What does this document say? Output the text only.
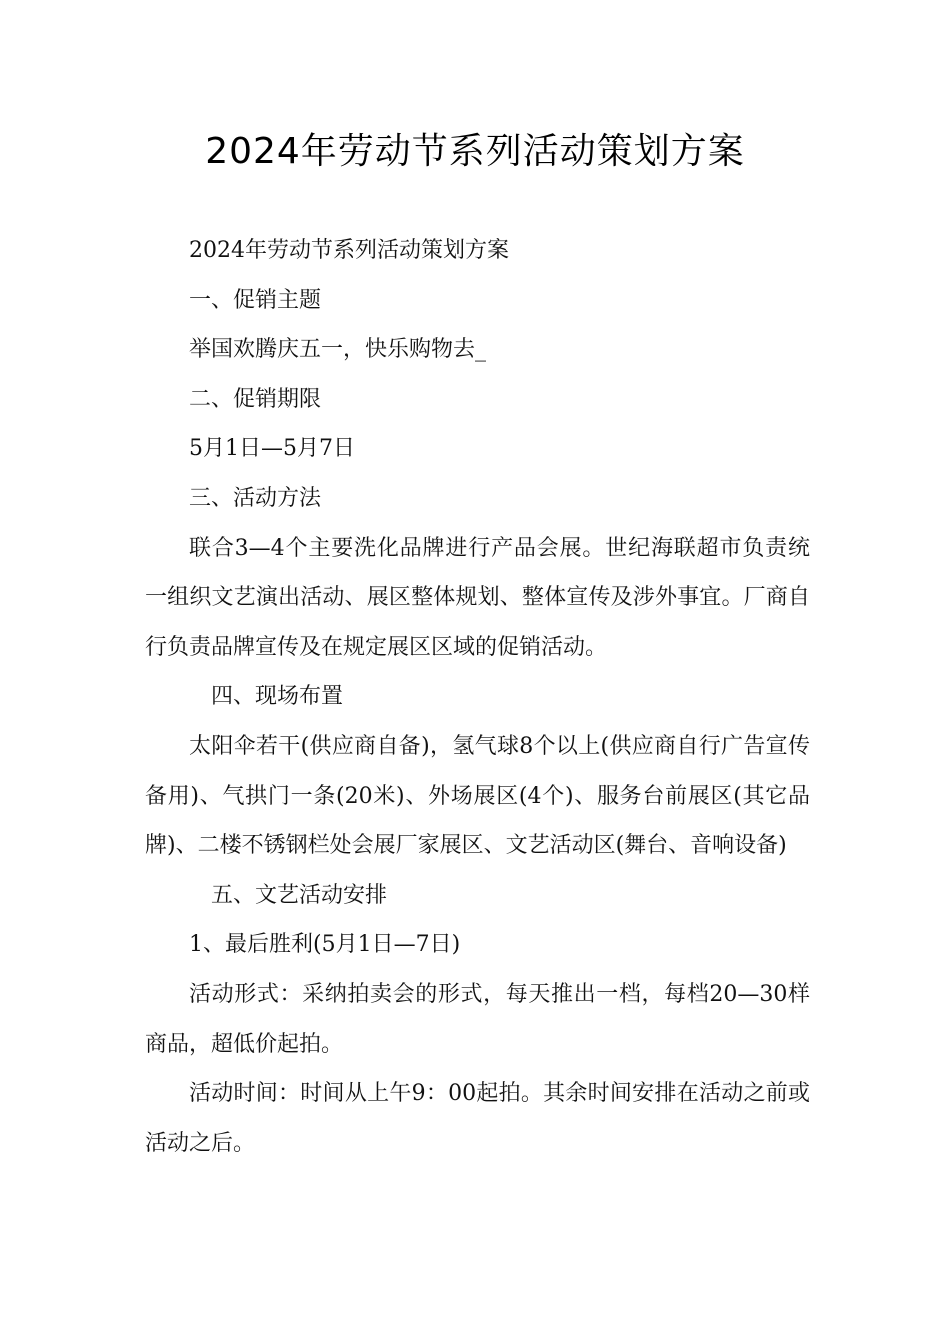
2024年劳动节系列活动策划方案

2024年劳动节系列活动策划方案

一、促销主题

举国欢腾庆五一，快乐购物去_

二、促销期限

5月1日—5月7日

三、活动方法

联合3—4个主要洗化品牌进行产品会展。世纪海联超市负责统一组织文艺演出活动、展区整体规划、整体宣传及涉外事宜。厂商自行负责品牌宣传及在规定展区区域的促销活动。

四、现场布置

太阳伞若干(供应商自备)，氢气球8个以上(供应商自行广告宣传备用)、气拱门一条(20米)、外场展区(4个)、服务台前展区(其它品牌)、二楼不锈钢栏处会展厂家展区、文艺活动区(舞台、音响设备)

五、文艺活动安排

1、最后胜利(5月1日—7日)

活动形式：采纳拍卖会的形式，每天推出一档，每档20—30样商品，超低价起拍。

活动时间：时间从上午9：00起拍。其余时间安排在活动之前或活动之后。
